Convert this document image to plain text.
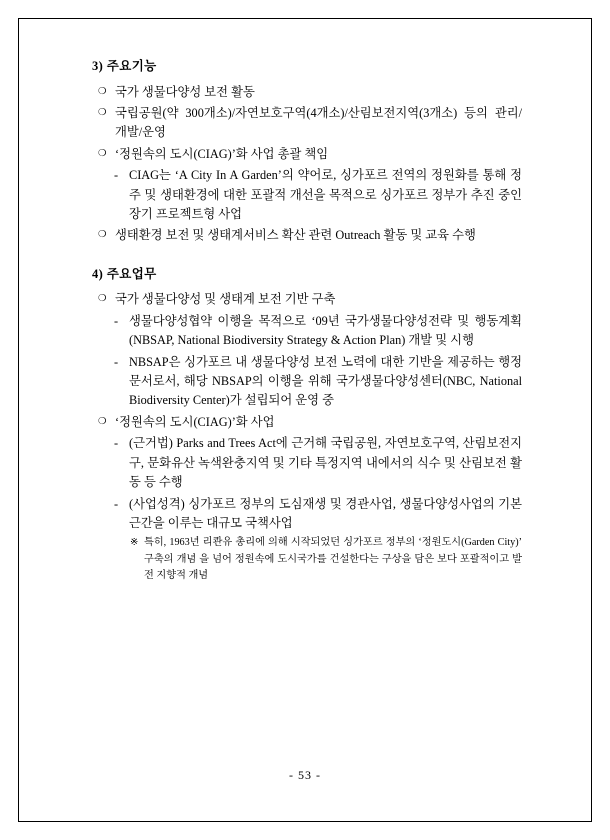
3) 주요기능
❍ 국가 생물다양성 보전 활동
❍ 국립공원(약 300개소)/자연보호구역(4개소)/산림보전지역(3개소) 등의 관리/개발/운영
❍ ‘정원속의 도시(CIAG)’화 사업 총괄 책임
- CIAG는 ‘A City In A Garden’의 약어로, 싱가포르 전역의 정원화를 통해 정주 및 생태환경에 대한 포괄적 개선을 목적으로 싱가포르 정부가 추진 중인 장기 프로젝트형 사업
❍ 생태환경 보전 및 생태계서비스 확산 관련 Outreach 활동 및 교육 수행
4) 주요업무
❍ 국가 생물다양성 및 생태계 보전 기반 구축
- 생물다양성협약 이행을 목적으로 ‘09년 국가생물다양성전략 및 행동계획(NBSAP, National Biodiversity Strategy & Action Plan) 개발 및 시행
- NBSAP은 싱가포르 내 생물다양성 보전 노력에 대한 기반을 제공하는 행정문서로서, 해당 NBSAP의 이행을 위해 국가생물다양성센터(NBC, National Biodiversity Center)가 설립되어 운영 중
❍ ‘정원속의 도시(CIAG)’화 사업
- (근거법) Parks and Trees Act에 근거해 국립공원, 자연보호구역, 산림보전지구, 문화유산 녹색완충지역 및 기타 특정지역 내에서의 식수 및 산림보전 활동 등 수행
- (사업성격) 싱가포르 정부의 도심재생 및 경관사업, 생물다양성사업의 기본 근간을 이루는 대규모 국책사업
※ 특히, 1963년 리콴유 총리에 의해 시작되었던 싱가포르 정부의 ‘정원도시(Garden City)’ 구축의 개념 을 넘어 정원속에 도시국가를 건설한다는 구상을 담은 보다 포괄적이고 발전 지향적 개념
- 53 -
